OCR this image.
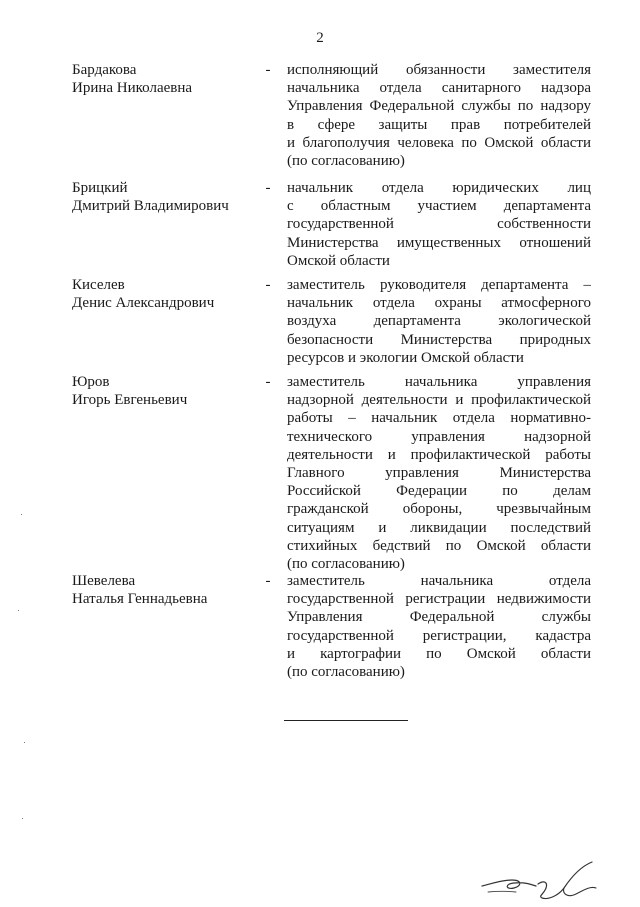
2
Бардакова
Ирина Николаевна
- исполняющий обязанности заместителя
начальника отдела санитарного надзора
Управления Федеральной службы по надзору
в сфере защиты прав потребителей
и благополучия человека по Омской области
(по согласованию)
Брицкий
Дмитрий Владимирович
- начальник отдела юридических лиц
с областным участием департамента
государственной собственности
Министерства имущественных отношений
Омской области
Киселев
Денис Александрович
- заместитель руководителя департамента –
начальник отдела охраны атмосферного
воздуха департамента экологической
безопасности Министерства природных
ресурсов и экологии Омской области
Юров
Игорь Евгеньевич
- заместитель начальника управления
надзорной деятельности и профилактической
работы – начальник отдела нормативно-
технического управления надзорной
деятельности и профилактической работы
Главного управления Министерства
Российской Федерации по делам
гражданской обороны, чрезвычайным
ситуациям и ликвидации последствий
стихийных бедствий по Омской области
(по согласованию)
Шевелева
Наталья Геннадьевна
- заместитель начальника отдела
государственной регистрации недвижимости
Управления Федеральной службы
государственной регистрации, кадастра
и картографии по Омской области
(по согласованию)
